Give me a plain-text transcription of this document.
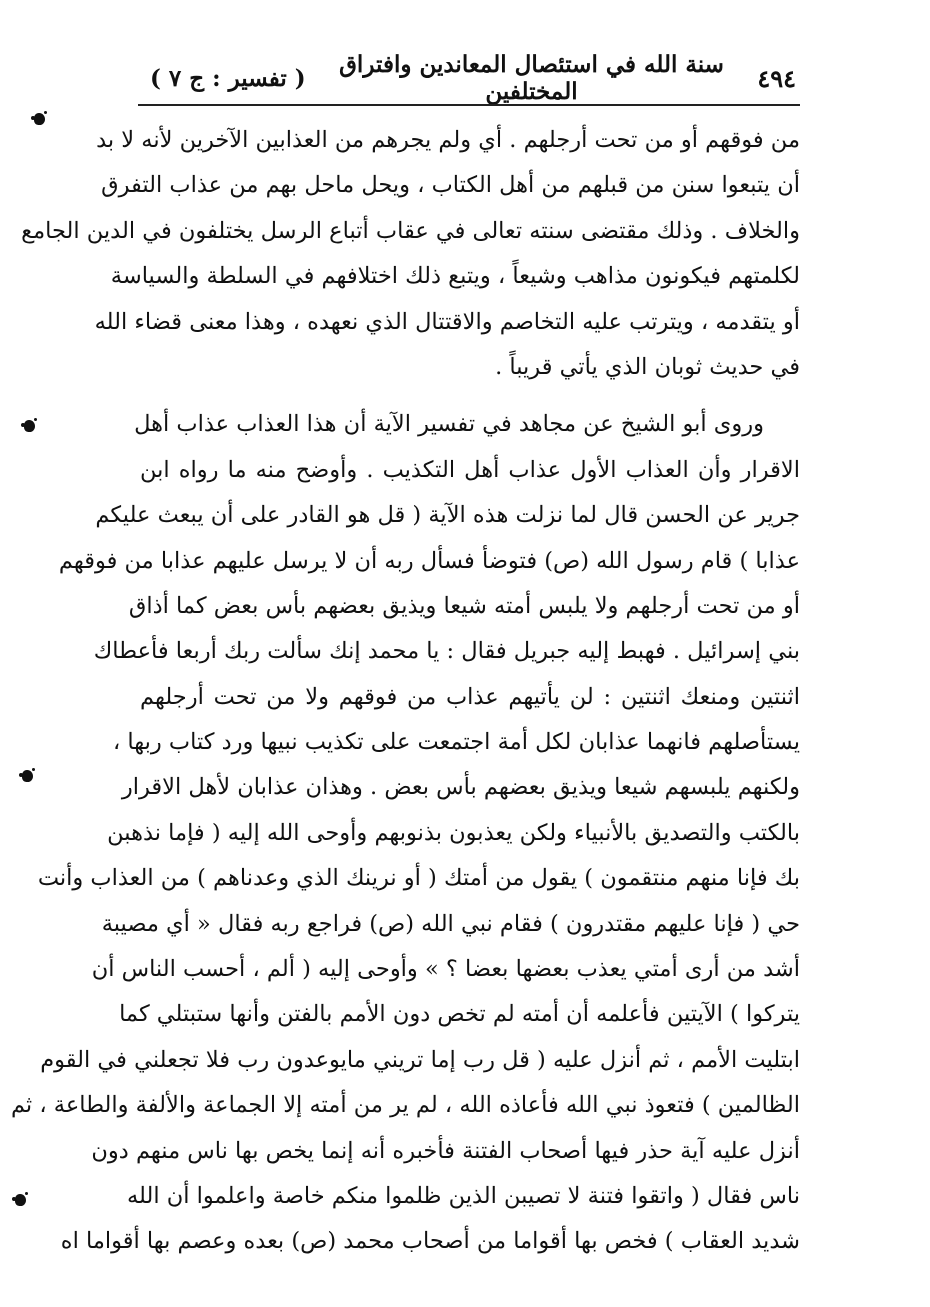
٤٩٤
سنة الله في استئصال المعاندين وافتراق المختلفين
( تفسير : ج ٧ )
من فوقهم أو من تحت أرجلهم . أي ولم يجرهم من العذابين الآخرين لأنه لا بد
أن يتبعوا سنن من قبلهم من أهل الكتاب ، ويحل ماحل بهم من عذاب التفرق
والخلاف . وذلك مقتضى سنته تعالى في عقاب أتباع الرسل يختلفون في الدين الجامع
لكلمتهم فيكونون مذاهب وشيعاً ، ويتبع ذلك اختلافهم في السلطة والسياسة
أو يتقدمه ، ويترتب عليه التخاصم والاقتتال الذي نعهده ، وهذا معنى قضاء الله
في حديث ثوبان الذي يأتي قريباً .
وروى أبو الشيخ عن مجاهد في تفسير الآية أن هذا العذاب عذاب أهل
الاقرار وأن العذاب الأول عذاب أهل التكذيب . وأوضح منه ما رواه ابن
جرير عن الحسن قال لما نزلت هذه الآية ( قل هو القادر على أن يبعث عليكم
عذابا ) قام رسول الله (ص) فتوضأ فسأل ربه أن لا يرسل عليهم عذابا من فوقهم
أو من تحت أرجلهم ولا يلبس أمته شيعا ويذيق بعضهم بأس بعض كما أذاق
بني إسرائيل . فهبط إليه جبريل فقال : يا محمد إنك سألت ربك أربعا فأعطاك
اثنتين ومنعك اثنتين : لن يأتيهم عذاب من فوقهم ولا من تحت أرجلهم
يستأصلهم فانهما عذابان لكل أمة اجتمعت على تكذيب نبيها ورد كتاب ربها ،
ولكنهم يلبسهم شيعا ويذيق بعضهم بأس بعض . وهذان عذابان لأهل الاقرار
بالكتب والتصديق بالأنبياء ولكن يعذبون بذنوبهم وأوحى الله إليه ( فإما نذهبن
بك فإنا منهم منتقمون ) يقول من أمتك ( أو نرينك الذي وعدناهم ) من العذاب وأنت
حي ( فإنا عليهم مقتدرون ) فقام نبي الله (ص) فراجع ربه فقال « أي مصيبة
أشد من أرى أمتي يعذب بعضها بعضا ؟ » وأوحى إليه ( ألم ، أحسب الناس أن
يتركوا ) الآيتين فأعلمه أن أمته لم تخص دون الأمم بالفتن وأنها ستبتلي كما
ابتليت الأمم ، ثم أنزل عليه ( قل رب إما تريني مايوعدون رب فلا تجعلني في القوم
الظالمين ) فتعوذ نبي الله فأعاذه الله ، لم ير من أمته إلا الجماعة والألفة والطاعة ، ثم
أنزل عليه آية حذر فيها أصحاب الفتنة فأخبره أنه إنما يخص بها ناس منهم دون
ناس فقال ( واتقوا فتنة لا تصيبن الذين ظلموا منكم خاصة واعلموا أن الله
شديد العقاب ) فخص بها أقواما من أصحاب محمد (ص) بعده وعصم بها أقواما اه
